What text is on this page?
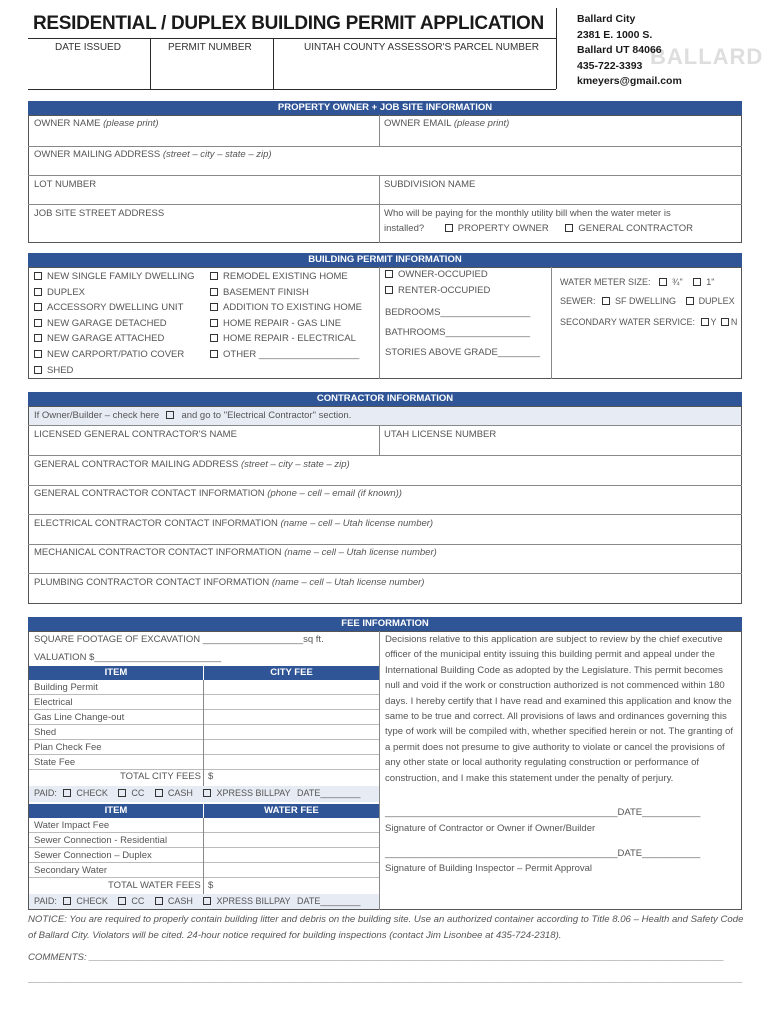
RESIDENTIAL / DUPLEX BUILDING PERMIT APPLICATION
DATE ISSUED	PERMIT NUMBER	UINTAH COUNTY ASSESSOR'S PARCEL NUMBER	BALLARD
Ballard City
2381 E. 1000 S.
Ballard UT 84066
435-722-3393
kmeyers@gmail.com
PROPERTY OWNER + JOB SITE INFORMATION
OWNER NAME (please print)	OWNER EMAIL (please print)
OWNER MAILING ADDRESS (street – city – state – zip)
LOT NUMBER	SUBDIVISION NAME
JOB SITE STREET ADDRESS	Who will be paying for the monthly utility bill when the water meter is
installed?	PROPERTY OWNER	GENERAL CONTRACTOR
BUILDING PERMIT INFORMATION
NEW SINGLE FAMILY DWELLING
DUPLEX
ACCESSORY DWELLING UNIT
NEW GARAGE DETACHED
NEW GARAGE ATTACHED
NEW CARPORT/PATIO COVER
SHED
REMODEL EXISTING HOME
BASEMENT FINISH
ADDITION TO EXISTING HOME
HOME REPAIR - GAS LINE
HOME REPAIR - ELECTRICAL
OTHER ___________________
OWNER-OCCUPIED
RENTER-OCCUPIED
BEDROOMS_________________
BATHROOMS________________
STORIES ABOVE GRADE________
WATER METER SIZE: ¾"	1"
SEWER: SF DWELLING	DUPLEX
SECONDARY WATER SERVICE: Y N
CONTRACTOR INFORMATION
If Owner/Builder – check here and go to "Electrical Contractor" section.
LICENSED GENERAL CONTRACTOR'S NAME	UTAH LICENSE NUMBER
GENERAL CONTRACTOR MAILING ADDRESS (street – city – state – zip)
GENERAL CONTRACTOR CONTACT INFORMATION (phone – cell – email (if known))
ELECTRICAL CONTRACTOR CONTACT INFORMATION (name – cell – Utah license number)
MECHANICAL CONTRACTOR CONTACT INFORMATION (name – cell – Utah license number)
PLUMBING CONTRACTOR CONTACT INFORMATION (name – cell – Utah license number)
FEE INFORMATION
SQUARE FOOTAGE OF EXCAVATION ___________________sq ft.
VALUATION $________________________
ITEM	CITY FEE
Building Permit
Electrical
Gas Line Change-out
Shed
Plan Check Fee
State Fee
TOTAL CITY FEES $
PAID: CHECK	CC	CASH	XPRESS BILLPAY DATE________
ITEM	WATER FEE
Water Impact Fee
Sewer Connection - Residential
Sewer Connection – Duplex
Secondary Water
TOTAL WATER FEES $
PAID: CHECK	CC	CASH	XPRESS BILLPAY DATE________
Decisions relative to this application are subject to review by the chief executive officer of the municipal entity issuing this building permit and appeal under the International Building Code as adopted by the Legislature. This permit becomes null and void if the work or construction authorized is not commenced within 180 days. I hereby certify that I have read and examined this application and know the same to be true and correct. All provisions of laws and ordinances governing this type of work will be compiled with, whether specified herein or not. The granting of a permit does not presume to give authority to violate or cancel the provisions of any other state or local authority regulating construction or performance of construction, and I make this statement under the penalty of perjury.
____________________________________________DATE___________
Signature of Contractor or Owner if Owner/Builder
____________________________________________DATE___________
Signature of Building Inspector – Permit Approval
NOTICE: You are required to properly contain building litter and debris on the building site. Use an authorized container according to Title 8.06 – Health and Safety Code of Ballard City. Violators will be cited. 24-hour notice required for building inspections (contact Jim Lisonbee at 435-724-2318).
COMMENTS: _______________________________________________________________________________________________________________________
______________________________________________________________________________________________________________________________________
